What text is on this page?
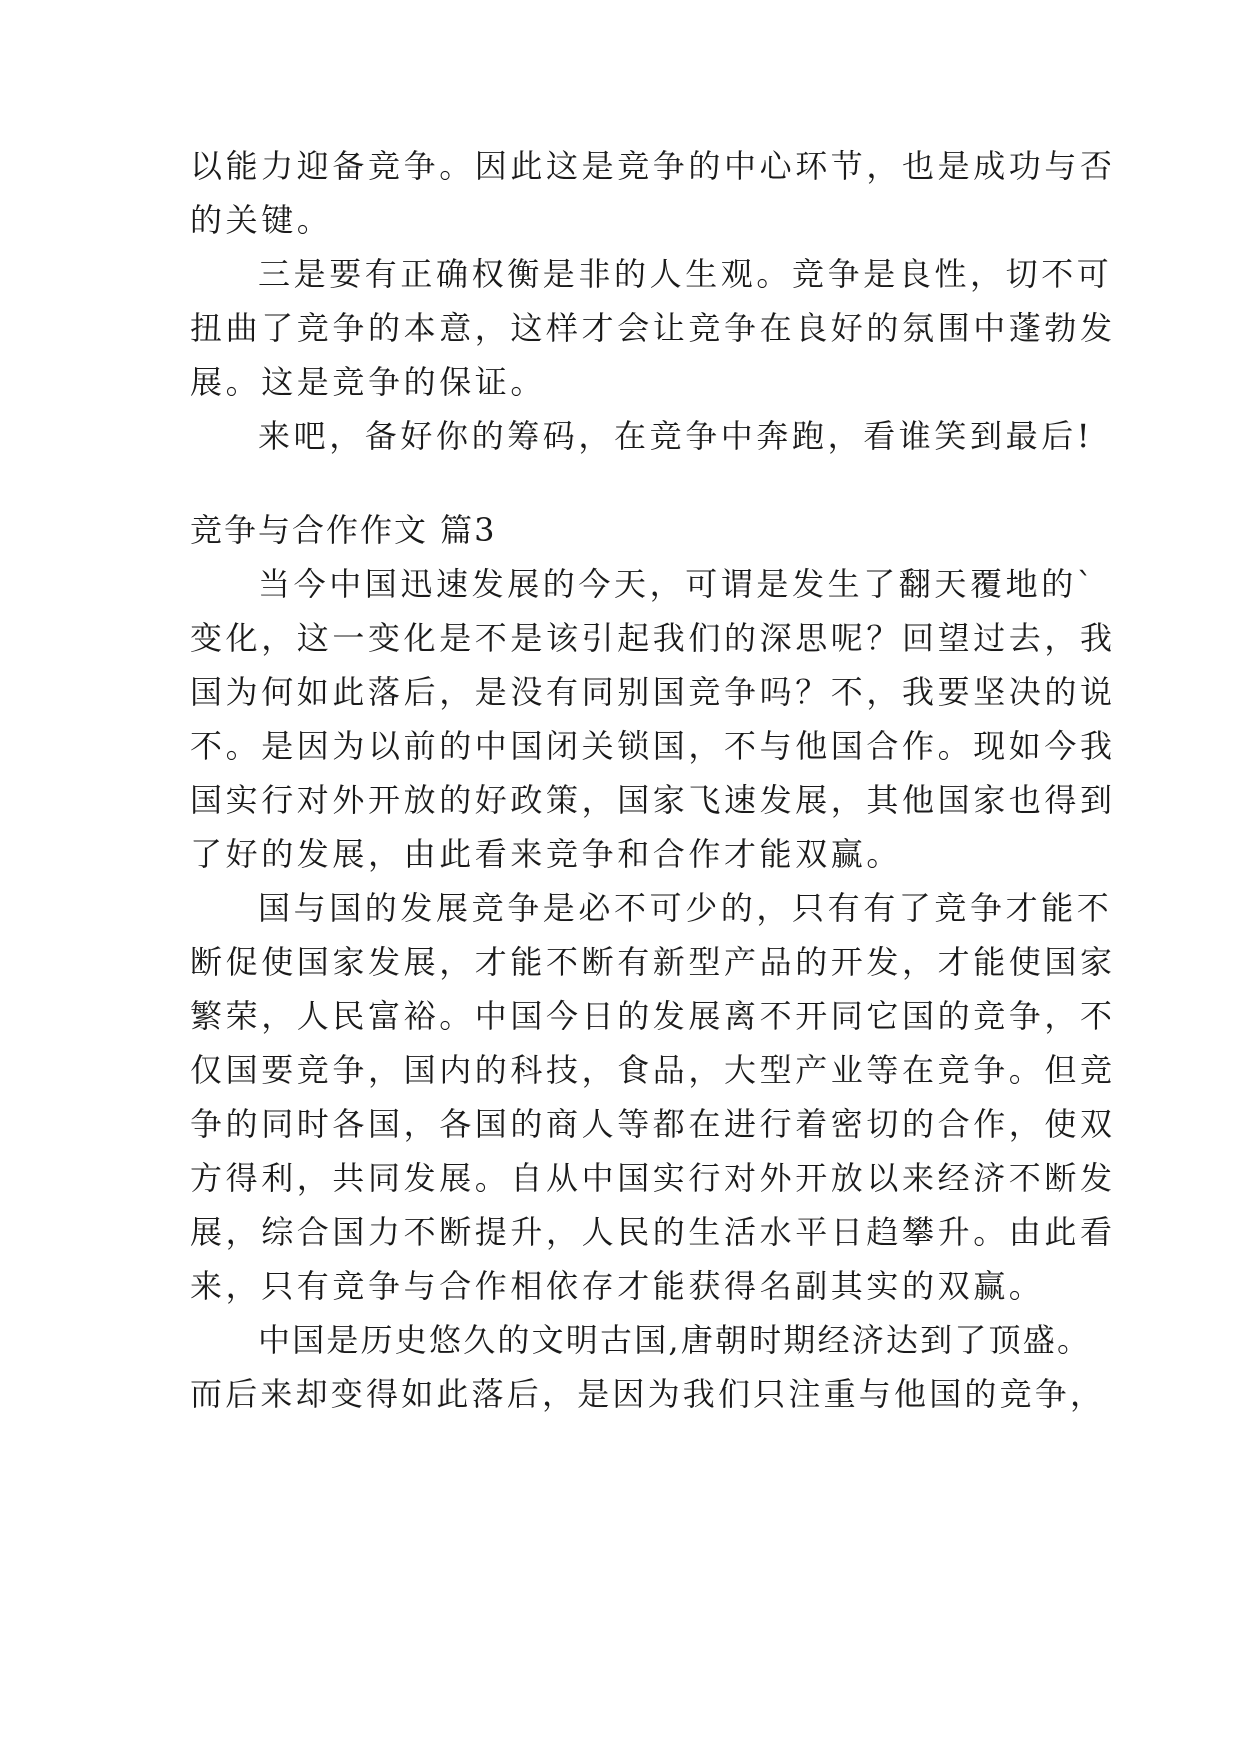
以能力迎备竞争。因此这是竞争的中心环节，也是成功与否
的关键。
三是要有正确权衡是非的人生观。竞争是良性，切不可
扭曲了竞争的本意，这样才会让竞争在良好的氛围中蓬勃发
展。这是竞争的保证。
来吧，备好你的筹码，在竞争中奔跑，看谁笑到最后!
竞争与合作作文 篇3
当今中国迅速发展的今天，可谓是发生了翻天覆地的`
变化，这一变化是不是该引起我们的深思呢？回望过去，我
国为何如此落后，是没有同别国竞争吗？不，我要坚决的说
不。是因为以前的中国闭关锁国，不与他国合作。现如今我
国实行对外开放的好政策，国家飞速发展，其他国家也得到
了好的发展，由此看来竞争和合作才能双赢。
国与国的发展竞争是必不可少的，只有有了竞争才能不
断促使国家发展，才能不断有新型产品的开发，才能使国家
繁荣，人民富裕。中国今日的发展离不开同它国的竞争，不
仅国要竞争，国内的科技，食品，大型产业等在竞争。但竞
争的同时各国，各国的商人等都在进行着密切的合作，使双
方得利，共同发展。自从中国实行对外开放以来经济不断发
展，综合国力不断提升，人民的生活水平日趋攀升。由此看
来，只有竞争与合作相依存才能获得名副其实的双赢。
中国是历史悠久的文明古国,唐朝时期经济达到了顶盛。
而后来却变得如此落后，是因为我们只注重与他国的竞争，
